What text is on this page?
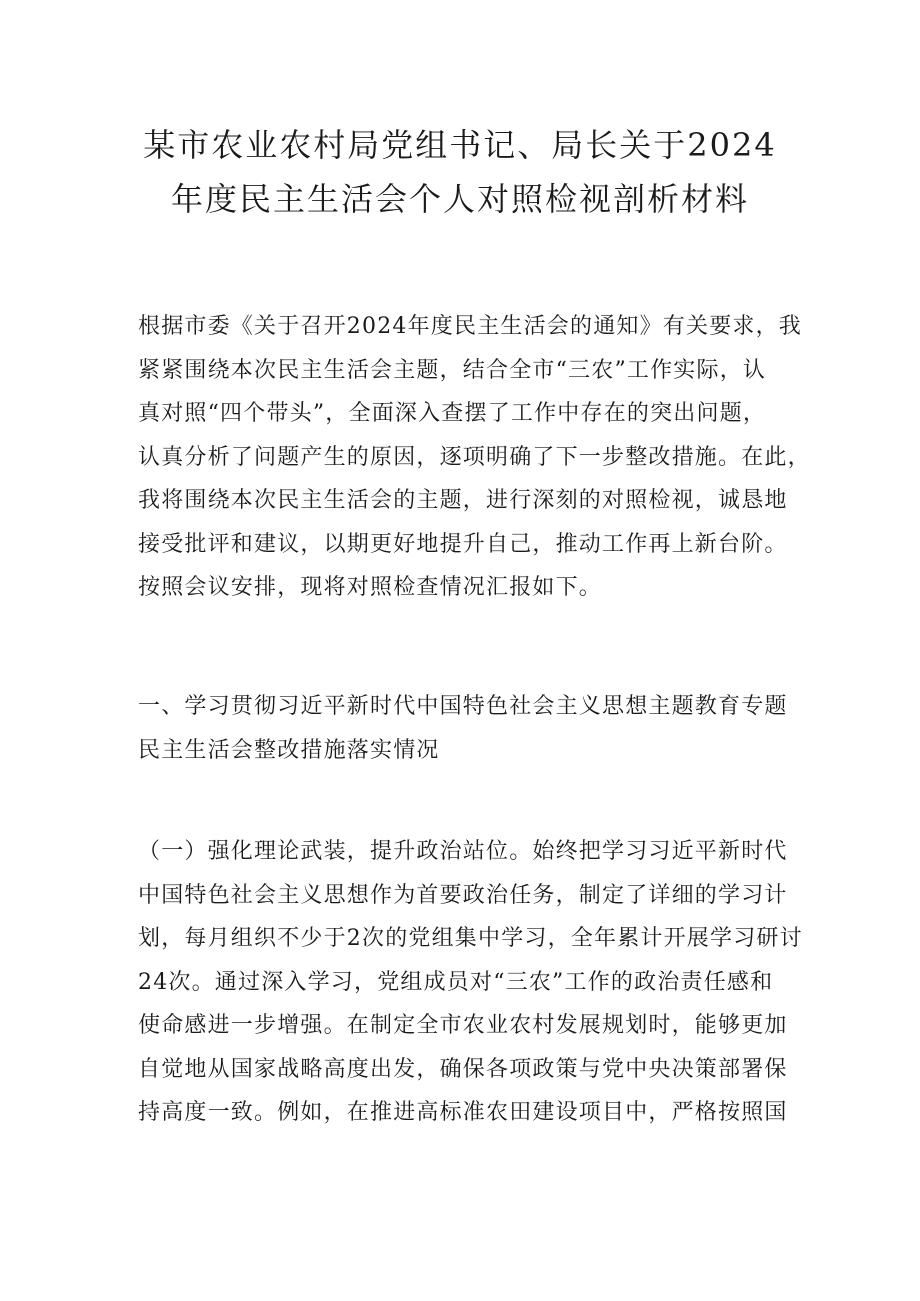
某市农业农村局党组书记、局长关于2024
年度民主生活会个人对照检视剖析材料

根据市委《关于召开2024年度民主生活会的通知》有关要求，我
紧紧围绕本次民主生活会主题，结合全市“三农”工作实际，认
真对照“四个带头”，全面深入查摆了工作中存在的突出问题，
认真分析了问题产生的原因，逐项明确了下一步整改措施。在此，
我将围绕本次民主生活会的主题，进行深刻的对照检视，诚恳地
接受批评和建议，以期更好地提升自己，推动工作再上新台阶。
按照会议安排，现将对照检查情况汇报如下。

一、学习贯彻习近平新时代中国特色社会主义思想主题教育专题
民主生活会整改措施落实情况

（一）强化理论武装，提升政治站位。始终把学习习近平新时代
中国特色社会主义思想作为首要政治任务，制定了详细的学习计
划，每月组织不少于2次的党组集中学习，全年累计开展学习研讨
24次。通过深入学习，党组成员对“三农”工作的政治责任感和
使命感进一步增强。在制定全市农业农村发展规划时，能够更加
自觉地从国家战略高度出发，确保各项政策与党中央决策部署保
持高度一致。例如，在推进高标准农田建设项目中，严格按照国
